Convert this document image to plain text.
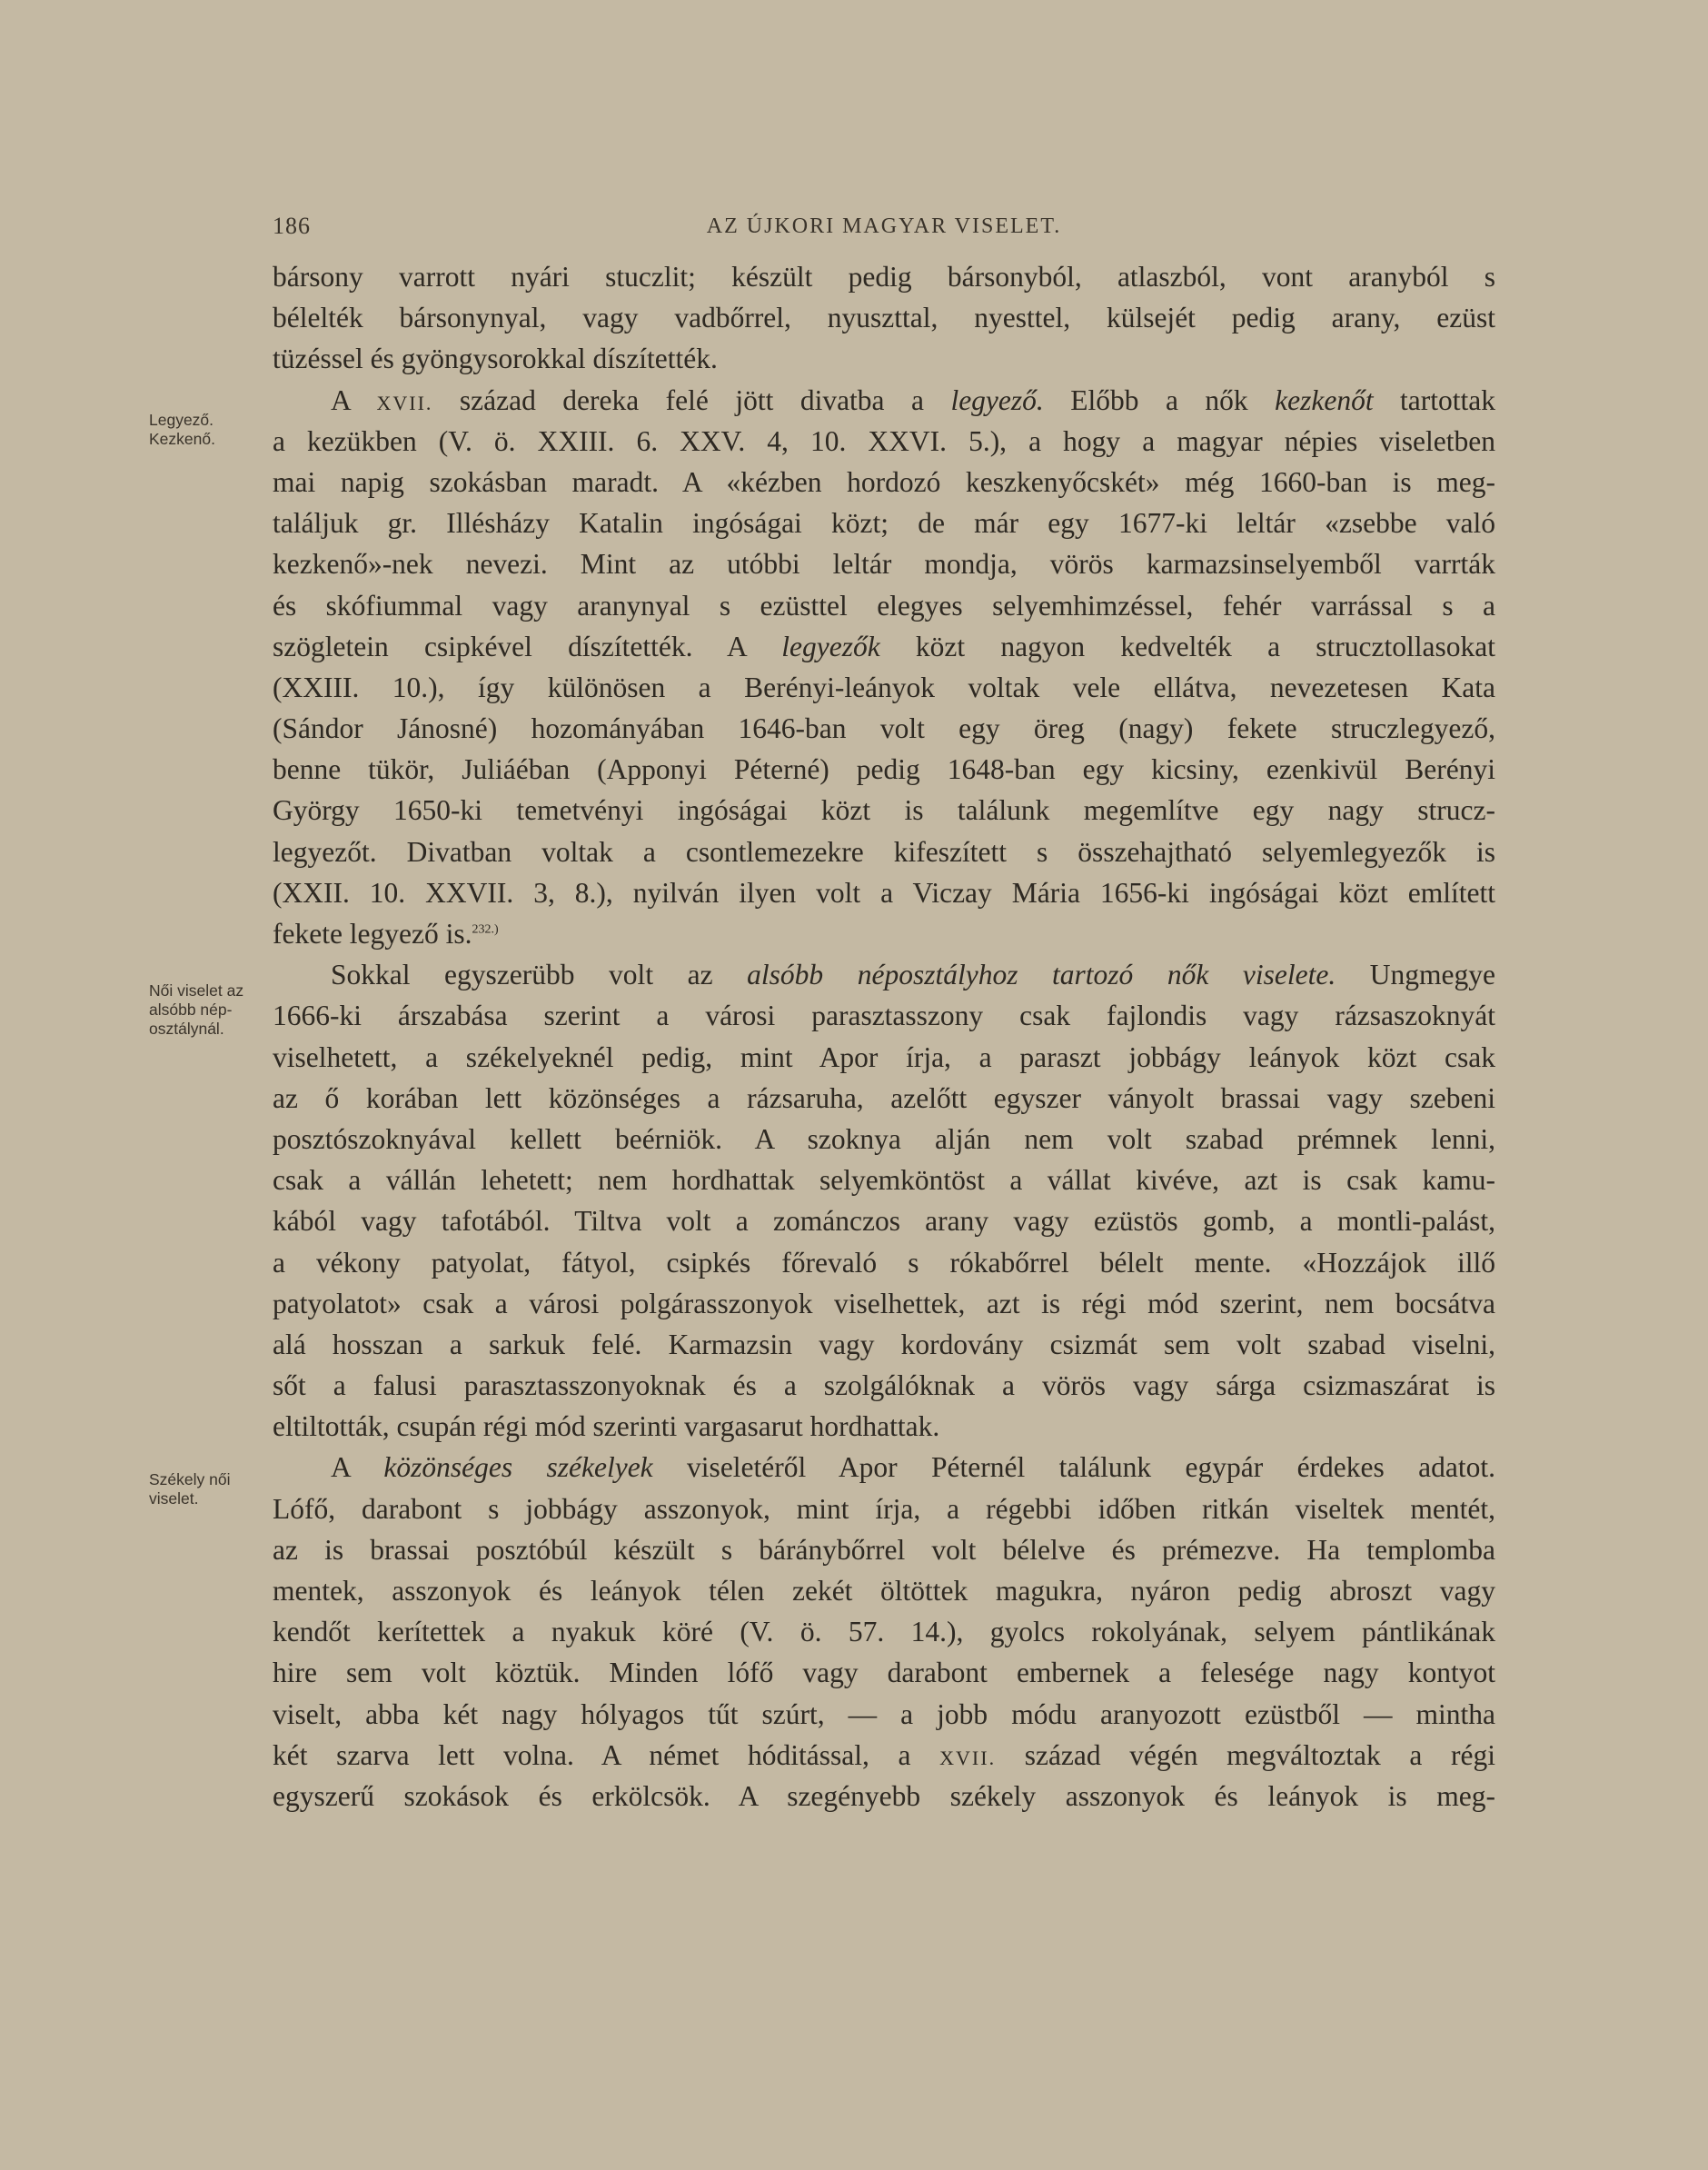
186	AZ ÚJKORI MAGYAR VISELET.
Legyező.
Kezkenő.
Női viselet az
alsóbb nép-
osztálynál.
Székely női
viselet.
bársony varrott nyári stuczlit; készült pedig bársonyból, atlaszból, vont aranyból s
bélelték bársonynyal, vagy vadbőrrel, nyuszttal, nyesttel, külsejét pedig arany, ezüst
tüzéssel és gyöngysorokkal díszítették.
A XVII. század dereka felé jött divatba a legyező. Előbb a nők kezkenőt tartottak
a kezükben (V. ö. XXIII. 6. XXV. 4, 10. XXVI. 5.), a hogy a magyar népies viseletben
mai napig szokásban maradt. A «kézben hordozó keszkenyőcskét» még 1660-ban is meg-
találjuk gr. Illésházy Katalin ingóságai közt; de már egy 1677-ki leltár «zsebbe való
kezkenő»-nek nevezi. Mint az utóbbi leltár mondja, vörös karmazsinselyemből varrták
és skófiummal vagy aranynyal s ezüsttel elegyes selyemhimzéssel, fehér varrással s a
szögletein csipkével díszítették. A legyezők közt nagyon kedvelték a strucztollasokat
(XXIII. 10.), így különösen a Berényi-leányok voltak vele ellátva, nevezetesen Kata
(Sándor Jánosné) hozományában 1646-ban volt egy öreg (nagy) fekete struczlegyező,
benne tükör, Juliáéban (Apponyi Péterné) pedig 1648-ban egy kicsiny, ezenkivül Berényi
György 1650-ki temetvényi ingóságai közt is találunk megemlítve egy nagy strucz-
legyezőt. Divatban voltak a csontlemezekre kifeszített s összehajtható selyemlegyezők is
(XXII. 10. XXVII. 3, 8.), nyilván ilyen volt a Viczay Mária 1656-ki ingóságai közt említett
fekete legyező is.$^{232.)}$
Sokkal egyszerübb volt az alsóbb néposztályhoz tartozó nők viselete. Ungmegye
1666-ki árszabása szerint a városi parasztasszony csak fajlondis vagy rázsaszoknyát
viselhetett, a székelyeknél pedig, mint Apor írja, a paraszt jobbágy leányok közt csak
az ő korában lett közönséges a rázsaruha, azelőtt egyszer ványolt brassai vagy szebeni
posztószoknyával kellett beérniök. A szoknya alján nem volt szabad prémnek lenni,
csak a vállán lehetett; nem hordhattak selyemköntöst a vállat kivéve, azt is csak kamu-
kából vagy tafotából. Tiltva volt a zománczos arany vagy ezüstös gomb, a montli-palást,
a vékony patyolat, fátyol, csipkés főrevaló s rókabőrrel bélelt mente. «Hozzájok illő
patyolatot» csak a városi polgárasszonyok viselhettek, azt is régi mód szerint, nem bocsátva
alá hosszan a sarkuk felé. Karmazsin vagy kordovány csizmát sem volt szabad viselni,
sőt a falusi parasztasszonyoknak és a szolgálóknak a vörös vagy sárga csizmaszárat is
eltiltották, csupán régi mód szerinti vargasarut hordhattak.
A közönséges székelyek viseletéről Apor Péternél találunk egypár érdekes adatot.
Lófő, darabont s jobbágy asszonyok, mint írja, a régebbi időben ritkán viseltek mentét,
az is brassai posztóbúl készült s báránybőrrel volt bélelve és prémezve. Ha templomba
mentek, asszonyok és leányok télen zekét öltöttek magukra, nyáron pedig abroszt vagy
kendőt kerítettek a nyakuk köré (V. ö. 57. 14.), gyolcs rokolyának, selyem pántlikának
hire sem volt köztük. Minden lófő vagy darabont embernek a felesége nagy kontyot
viselt, abba két nagy hólyagos tűt szúrt, — a jobb módu aranyozott ezüstből — mintha
két szarva lett volna. A német hóditással, a XVII. század végén megváltoztak a régi
egyszerű szokások és erkölcsök. A szegényebb székely asszonyok és leányok is meg-
